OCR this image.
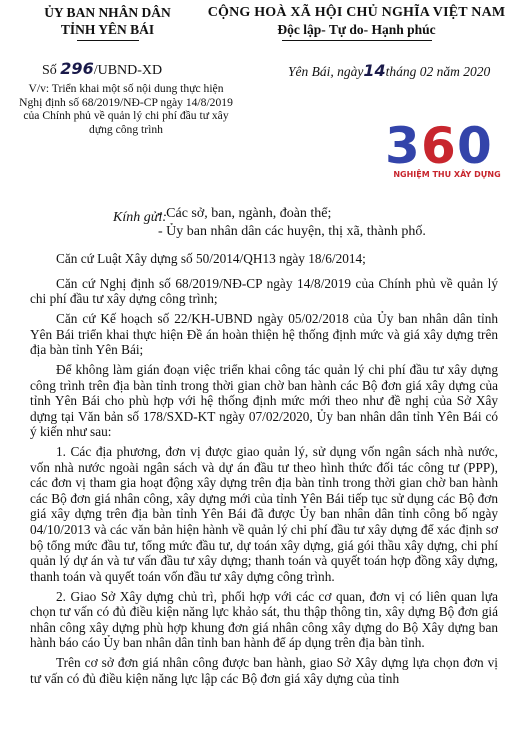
ỦY BAN NHÂN DÂN
TỈNH YÊN BÁI
CỘNG HOÀ XÃ HỘI CHỦ NGHĨA VIỆT NAM
Độc lập- Tự do- Hạnh phúc
Số 296/UBND-XD	Yên Bái, ngày14tháng 02 năm 2020
V/v: Triển khai một số nội dung thực hiện Nghị định số 68/2019/NĐ-CP ngày 14/8/2019 của Chính phủ về quản lý chi phí đầu tư xây dựng công trình	3 6 0
NGHIỆM THU XÂY DỰNG
Kính gửi:
- Các sở, ban, ngành, đoàn thể;
- Ủy ban nhân dân các huyện, thị xã, thành phố.

Căn cứ Luật Xây dựng số 50/2014/QH13 ngày 18/6/2014;

Căn cứ Nghị định số 68/2019/NĐ-CP ngày 14/8/2019 của Chính phủ về quản lý chi phí đầu tư xây dựng công trình;

Căn cứ Kế hoạch số 22/KH-UBND ngày 05/02/2018 của Ủy ban nhân dân tỉnh Yên Bái triển khai thực hiện Đề án hoàn thiện hệ thống định mức và giá xây dựng trên địa bàn tỉnh Yên Bái;

Để không làm gián đoạn việc triển khai công tác quản lý chi phí đầu tư xây dựng công trình trên địa bàn tỉnh trong thời gian chờ ban hành các Bộ đơn giá xây dựng của tỉnh Yên Bái cho phù hợp với hệ thống định mức mới theo như đề nghị của Sở Xây dựng tại Văn bản số 178/SXD-KT ngày 07/02/2020, Ủy ban nhân dân tỉnh Yên Bái có ý kiến như sau:

1. Các địa phương, đơn vị được giao quản lý, sử dụng vốn ngân sách nhà nước, vốn nhà nước ngoài ngân sách và dự án đầu tư theo hình thức đối tác công tư (PPP), các đơn vị tham gia hoạt động xây dựng trên địa bàn tỉnh trong thời gian chờ ban hành các Bộ đơn giá nhân công, xây dựng mới của tỉnh Yên Bái tiếp tục sử dụng các Bộ đơn giá xây dựng trên địa bàn tỉnh Yên Bái đã được Ủy ban nhân dân tỉnh công bố ngày 04/10/2013 và các văn bản hiện hành về quản lý chi phí đầu tư xây dựng để xác định sơ bộ tổng mức đầu tư, tổng mức đầu tư, dự toán xây dựng, giá gói thầu xây dựng, chi phí quản lý dự án và tư vấn đầu tư xây dựng; thanh toán và quyết toán hợp đồng xây dựng, thanh toán và quyết toán vốn đầu tư xây dựng công trình.

2. Giao Sở Xây dựng chủ trì, phối hợp với các cơ quan, đơn vị có liên quan lựa chọn tư vấn có đủ điều kiện năng lực khảo sát, thu thập thông tin, xây dựng Bộ đơn giá nhân công xây dựng phù hợp khung đơn giá nhân công xây dựng do Bộ Xây dựng ban hành báo cáo Ủy ban nhân dân tỉnh ban hành để áp dụng trên địa bàn tỉnh.

Trên cơ sở đơn giá nhân công được ban hành, giao Sở Xây dựng lựa chọn đơn vị tư vấn có đủ điều kiện năng lực lập các Bộ đơn giá xây dựng của tỉnh
